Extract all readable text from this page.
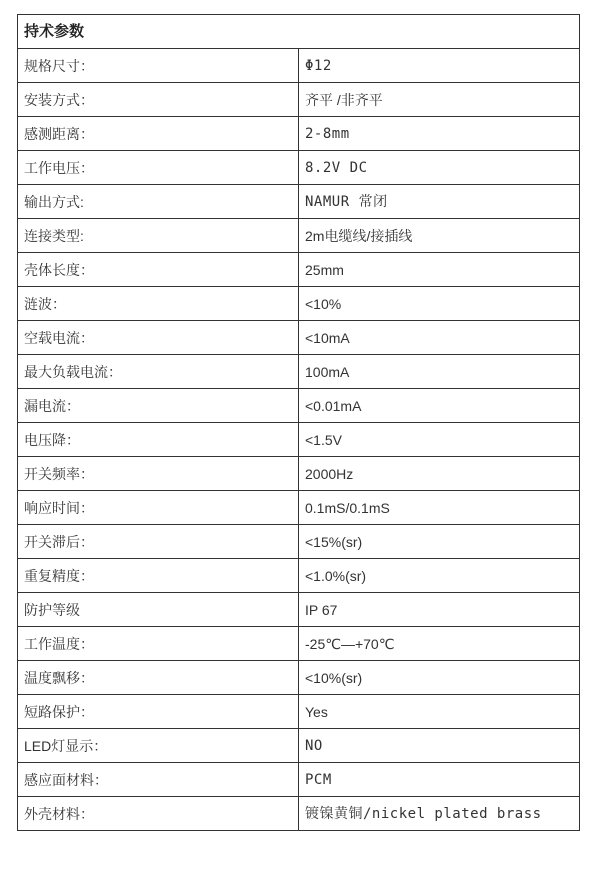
持术参数	
规格尺寸：	Φ12
安装方式：	齐平 /非齐平
感测距离：	2-8mm
工作电压：	8.2V DC
输出方式:	NAMUR 常闭
连接类型:	2m电缆线/接插线
壳体长度：	25mm
涟波：	<10%
空载电流：	<10mA
最大负载电流：	100mA
漏电流：	<0.01mA
电压降：	<1.5V
开关频率：	2000Hz
响应时间：	0.1mS/0.1mS
开关滞后：	<15%(sr)
重复精度：	<1.0%(sr)
防护等级	IP 67
工作温度：	-25℃—+70℃
温度飘移：	<10%(sr)
短路保护：	Yes
LED灯显示：	NO
感应面材料：	PCM
外壳材料：	镀镍黄铜/nickel plated brass
